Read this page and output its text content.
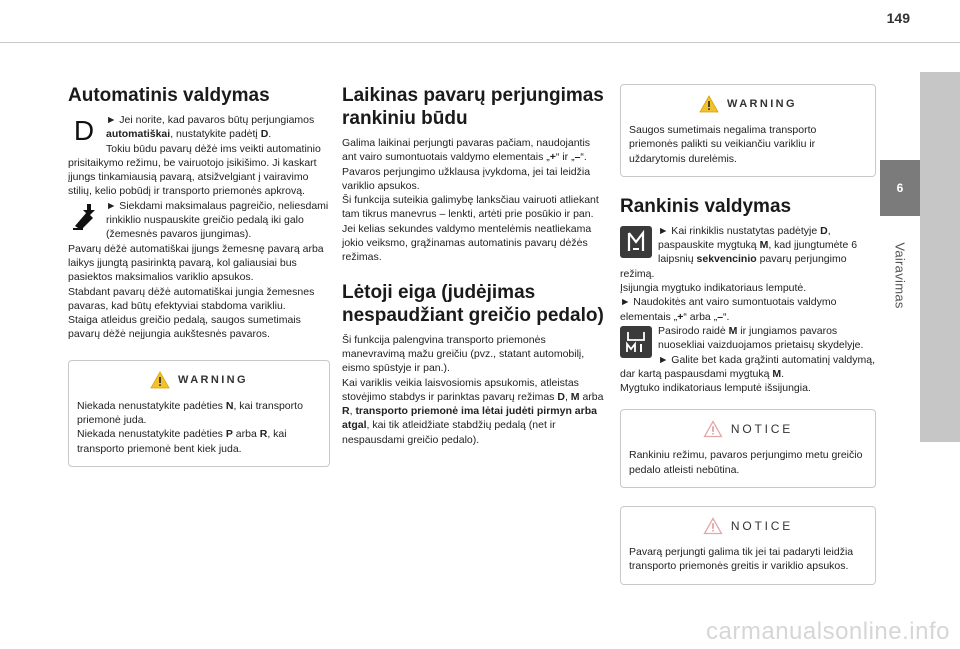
149
6
Vairavimas
Automatinis valdymas

D ► Jei norite, kad pavaros būtų perjungiamos automatiškai, nustatykite padėtį D.

Tokiu būdu pavarų dėžė ims veikti automatinio prisitaikymo režimu, be vairuotojo įsikišimo. Ji kaskart įjungs tinkamiausią pavarą, atsižvelgiant į vairavimo stilių, kelio pobūdį ir transporto priemonės apkrovą.

► Siekdami maksimalaus pagreičio, neliesdami rinkiklio nuspauskite greičio pedalą iki galo (žemesnės pavaros įjungimas).

Pavarų dėžė automatiškai įjungs žemesnę pavarą arba laikys įjungtą pasirinktą pavarą, kol galiausiai bus pasiektos maksimalios variklio apsukos.

Stabdant pavarų dėžė automatiškai jungia žemesnes pavaras, kad būtų efektyviai stabdoma varikliu.

Staiga atleidus greičio pedalą, saugos sumetimais pavarų dėžė neįjungia aukštesnės pavaros.

WARNING

Niekada nenustatykite padėties N, kai transporto priemonė juda.

Niekada nenustatykite padėties P arba R, kai transporto priemonė bent kiek juda.

Laikinas pavarų perjungimas rankiniu būdu

Galima laikinai perjungti pavaras pačiam, naudojantis ant vairo sumontuotais valdymo elementais „+“ ir „–“. Pavaros perjungimo užklausa įvykdoma, jei tai leidžia variklio apsukos.

Ši funkcija suteikia galimybę lanksčiau vairuoti atliekant tam tikrus manevrus – lenkti, artėti prie posūkio ir pan.

Jei kelias sekundes valdymo mentelėmis neatliekama jokio veiksmo, grąžinamas automatinis pavarų dėžės režimas.

Lėtoji eiga (judėjimas nespaudžiant greičio pedalo)

Ši funkcija palengvina transporto priemonės manevravimą mažu greičiu (pvz., statant automobilį, eismo spūstyje ir pan.).

Kai variklis veikia laisvosiomis apsukomis, atleistas stovėjimo stabdys ir parinktas pavarų režimas D, M arba R, transporto priemonė ima lėtai judėti pirmyn arba atgal, kai tik atleidžiate stabdžių pedalą (net ir nespausdami greičio pedalo).

WARNING

Saugos sumetimais negalima transporto priemonės palikti su veikiančiu varikliu ir uždarytomis durelėmis.

Rankinis valdymas

► Kai rinkiklis nustatytas padėtyje D, paspauskite mygtuką M, kad įjungtumėte 6 laipsnių sekvencinio pavarų perjungimo režimą.

Įsijungia mygtuko indikatoriaus lemputė.

► Naudokitės ant vairo sumontuotais valdymo elementais „+“ arba „–“.

Pasirodo raidė M ir jungiamos pavaros nuosekliai vaizduojamos prietaisų skydelyje.

► Galite bet kada grąžinti automatinį valdymą, dar kartą paspausdami mygtuką M.

Mygtuko indikatoriaus lemputė išsijungia.

NOTICE

Rankiniu režimu, pavaros perjungimo metu greičio pedalo atleisti nebūtina.

NOTICE

Pavarą perjungti galima tik jei tai padaryti leidžia transporto priemonės greitis ir variklio apsukos.

carmanualsonline.info
